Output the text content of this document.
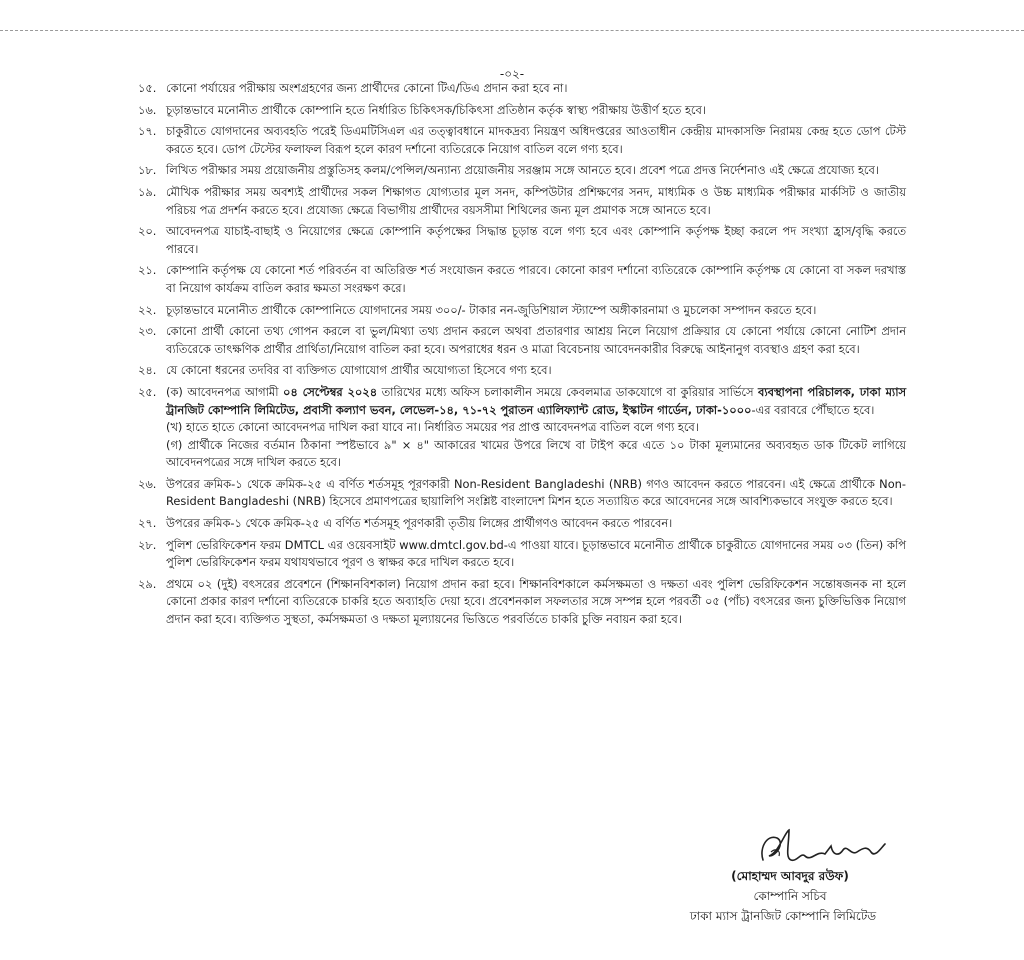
-০২-
১৫. কোনো পর্যায়ের পরীক্ষায় অংশগ্রহণের জন্য প্রার্থীদের কোনো টিএ/ডিএ প্রদান করা হবে না।
১৬. চূড়ান্তভাবে মনোনীত প্রার্থীকে কোম্পানি হতে নির্ধারিত চিকিৎসক/চিকিৎসা প্রতিষ্ঠান কর্তৃক স্বাস্থ্য পরীক্ষায় উত্তীর্ণ হতে হবে।
১৭. চাকুরীতে যোগদানের অব্যবহতি পরেই ডিএমটিসিএল এর তত্ত্বাবধানে মাদকদ্রব্য নিয়ন্ত্রণ অধিদপ্তরের আওতাধীন কেন্দ্রীয় মাদকাসক্তি নিরাময় কেন্দ্র হতে ডোপ টেস্ট করতে হবে। ডোপ টেস্টের ফলাফল বিরূপ হলে কারণ দর্শানো ব্যতিরেকে নিয়োগ বাতিল বলে গণ্য হবে।
১৮. লিখিত পরীক্ষার সময় প্রয়োজনীয় প্রস্তুতিসহ কলম/পেন্সিল/অন্যান্য প্রয়োজনীয় সরঞ্জাম সঙ্গে আনতে হবে। প্রবেশ পত্রে প্রদত্ত নির্দেশনাও এই ক্ষেত্রে প্রযোজ্য হবে।
১৯. মৌখিক পরীক্ষার সময় অবশ্যই প্রার্থীদের সকল শিক্ষাগত যোগ্যতার মূল সনদ, কম্পিউটার প্রশিক্ষণের সনদ, মাধ্যমিক ও উচ্চ মাধ্যমিক পরীক্ষার মার্কসিট ও জাতীয় পরিচয় পত্র প্রদর্শন করতে হবে। প্রযোজ্য ক্ষেত্রে বিভাগীয় প্রার্থীদের বয়সসীমা শিথিলের জন্য মূল প্রমাণক সঙ্গে আনতে হবে।
২০. আবেদনপত্র যাচাই-বাছাই ও নিয়োগের ক্ষেত্রে কোম্পানি কর্তৃপক্ষের সিদ্ধান্ত চূড়ান্ত বলে গণ্য হবে এবং কোম্পানি কর্তৃপক্ষ ইচ্ছা করলে পদ সংখ্যা হ্রাস/বৃদ্ধি করতে পারবে।
২১. কোম্পানি কর্তৃপক্ষ যে কোনো শর্ত পরিবর্তন বা অতিরিক্ত শর্ত সংযোজন করতে পারবে। কোনো কারণ দর্শানো ব্যতিরেকে কোম্পানি কর্তৃপক্ষ যে কোনো বা সকল দরখাস্ত বা নিয়োগ কার্যক্রম বাতিল করার ক্ষমতা সংরক্ষণ করে।
২২. চূড়ান্তভাবে মনোনীত প্রার্থীকে কোম্পানিতে যোগদানের সময় ৩০০/- টাকার নন-জুডিশিয়াল স্ট্যাম্পে অঙ্গীকারনামা ও মুচলেকা সম্পাদন করতে হবে।
২৩. কোনো প্রার্থী কোনো তথ্য গোপন করলে বা ভুল/মিথ্যা তথ্য প্রদান করলে অথবা প্রতারণার আশ্রয় নিলে নিয়োগ প্রক্রিয়ার যে কোনো পর্যায়ে কোনো নোটিশ প্রদান ব্যতিরেকে তাৎক্ষণিক প্রার্থীর প্রার্থিতা/নিয়োগ বাতিল করা হবে। অপরাধের ধরন ও মাত্রা বিবেচনায় আবেদনকারীর বিরুদ্ধে আইনানুগ ব্যবস্থাও গ্রহণ করা হবে।
২৪. যে কোনো ধরনের তদবির বা ব্যক্তিগত যোগাযোগ প্রার্থীর অযোগ্যতা হিসেবে গণ্য হবে।
২৫. (ক) আবেদনপত্র আগামী ০৪ সেপ্টেম্বর ২০২৪ তারিখের মধ্যে অফিস চলাকালীন সময়ে কেবলমাত্র ডাকযোগে বা কুরিয়ার সার্ভিসে ব্যবস্থাপনা পরিচালক, ঢাকা ম্যাস ট্রানজিট কোম্পানি লিমিটেড, প্রবাসী কল্যাণ ভবন, লেভেল-১৪, ৭১-৭২ পুরাতন এ্যালিফ্যান্ট রোড, ইস্কাটন গার্ডেন, ঢাকা-১০০০-এর বরাবরে পৌঁছাতে হবে।
(খ) হাতে হাতে কোনো আবেদনপত্র দাখিল করা যাবে না। নির্ধারিত সময়ের পর প্রাপ্ত আবেদনপত্র বাতিল বলে গণ্য হবে।
(গ) প্রার্থীকে নিজের বর্তমান ঠিকানা স্পষ্টভাবে ৯" × ৪" আকারের খামের উপরে লিখে বা টাইপ করে এতে ১০ টাকা মূল্যমানের অব্যবহৃত ডাক টিকেট লাগিয়ে আবেদনপত্রের সঙ্গে দাখিল করতে হবে।
২৬. উপরের ক্রমিক-১ থেকে ক্রমিক-২৫ এ বর্ণিত শর্তসমূহ পূরণকারী Non-Resident Bangladeshi (NRB) গণও আবেদন করতে পারবেন। এই ক্ষেত্রে প্রার্থীকে Non-Resident Bangladeshi (NRB) হিসেবে প্রমাণপত্রের ছায়ালিপি সংশ্লিষ্ট বাংলাদেশ মিশন হতে সত্যায়িত করে আবেদনের সঙ্গে আবশ্যিকভাবে সংযুক্ত করতে হবে।
২৭. উপরের ক্রমিক-১ থেকে ক্রমিক-২৫ এ বর্ণিত শর্তসমূহ পূরণকারী তৃতীয় লিঙ্গের প্রার্থীগণও আবেদন করতে পারবেন।
২৮. পুলিশ ভেরিফিকেশন ফরম DMTCL এর ওয়েবসাইট www.dmtcl.gov.bd-এ পাওয়া যাবে। চূড়ান্তভাবে মনোনীত প্রার্থীকে চাকুরীতে যোগদানের সময় ০৩ (তিন) কপি পুলিশ ভেরিফিকেশন ফরম যথাযথভাবে পূরণ ও স্বাক্ষর করে দাখিল করতে হবে।
২৯. প্রথমে ০২ (দুই) বৎসরের প্রবেশনে (শিক্ষানবিশকাল) নিয়োগ প্রদান করা হবে। শিক্ষানবিশকালে কর্মসক্ষমতা ও দক্ষতা এবং পুলিশ ভেরিফিকেশন সন্তোষজনক না হলে কোনো প্রকার কারণ দর্শানো ব্যতিরেকে চাকরি হতে অব্যাহতি দেয়া হবে। প্রবেশনকাল সফলতার সঙ্গে সম্পন্ন হলে পরবর্তী ০৫ (পাঁচ) বৎসরের জন্য চুক্তিভিত্তিক নিয়োগ প্রদান করা হবে। ব্যক্তিগত সুস্থতা, কর্মসক্ষমতা ও দক্ষতা মূল্যায়নের ভিত্তিতে পরবর্তিতে চাকরি চুক্তি নবায়ন করা হবে।
(মোহাম্মদ আবদুর রউফ)
কোম্পানি সচিব
ঢাকা ম্যাস ট্রানজিট কোম্পানি লিমিটেড
